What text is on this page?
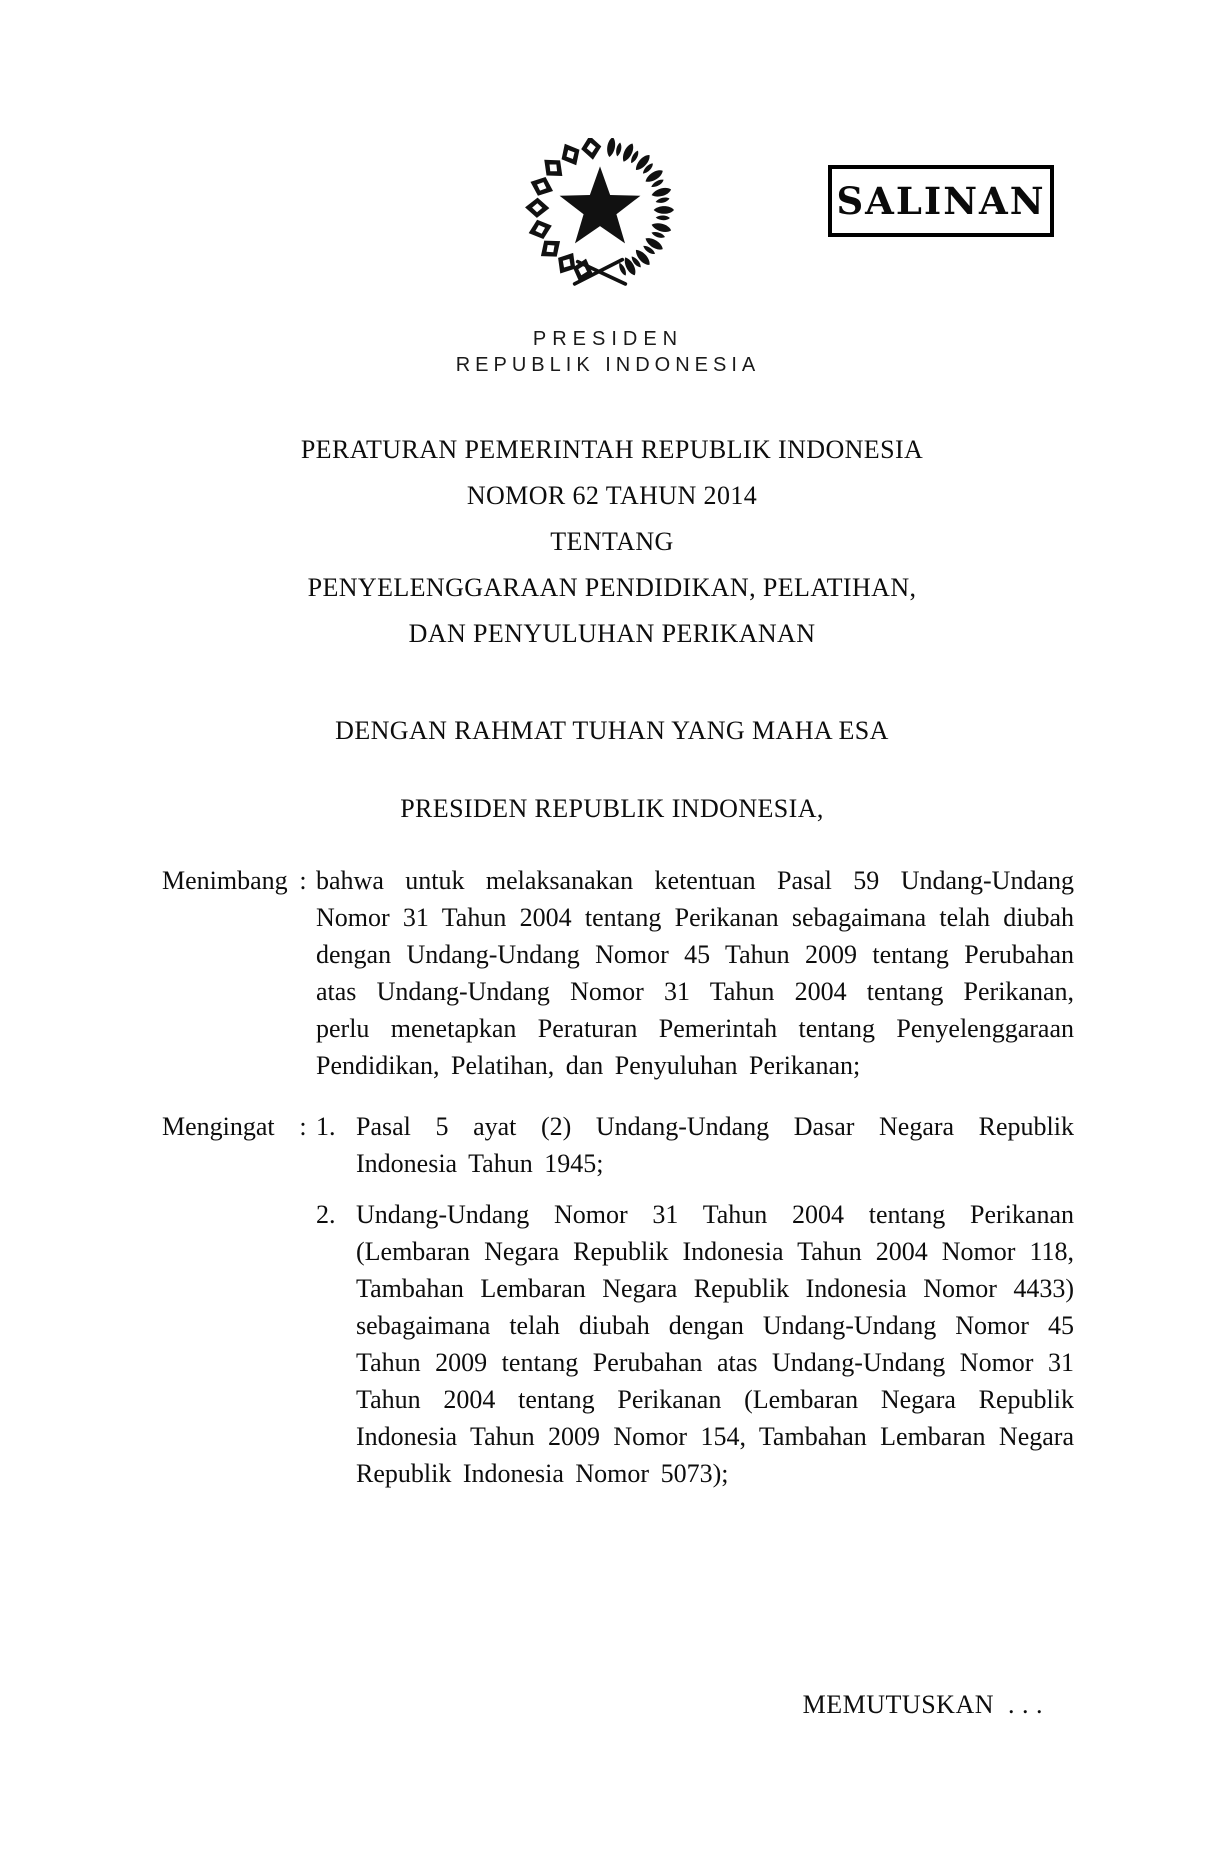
SALINAN
PRESIDEN
REPUBLIK INDONESIA
PERATURAN PEMERINTAH REPUBLIK INDONESIA
NOMOR 62 TAHUN 2014
TENTANG
PENYELENGGARAAN PENDIDIKAN, PELATIHAN,
DAN PENYULUHAN PERIKANAN
DENGAN RAHMAT TUHAN YANG MAHA ESA
PRESIDEN REPUBLIK INDONESIA,
Menimbang : bahwa untuk melaksanakan ketentuan Pasal 59 Undang-Undang Nomor 31 Tahun 2004 tentang Perikanan sebagaimana telah diubah dengan Undang-Undang Nomor 45 Tahun 2009 tentang Perubahan atas Undang-Undang Nomor 31 Tahun 2004 tentang Perikanan, perlu menetapkan Peraturan Pemerintah tentang Penyelenggaraan Pendidikan, Pelatihan, dan Penyuluhan Perikanan;
Mengingat : 1. Pasal 5 ayat (2) Undang-Undang Dasar Negara Republik Indonesia Tahun 1945;
2. Undang-Undang Nomor 31 Tahun 2004 tentang Perikanan (Lembaran Negara Republik Indonesia Tahun 2004 Nomor 118, Tambahan Lembaran Negara Republik Indonesia Nomor 4433) sebagaimana telah diubah dengan Undang-Undang Nomor 45 Tahun 2009 tentang Perubahan atas Undang-Undang Nomor 31 Tahun 2004 tentang Perikanan (Lembaran Negara Republik Indonesia Tahun 2009 Nomor 154, Tambahan Lembaran Negara Republik Indonesia Nomor 5073);
MEMUTUSKAN  . . .
